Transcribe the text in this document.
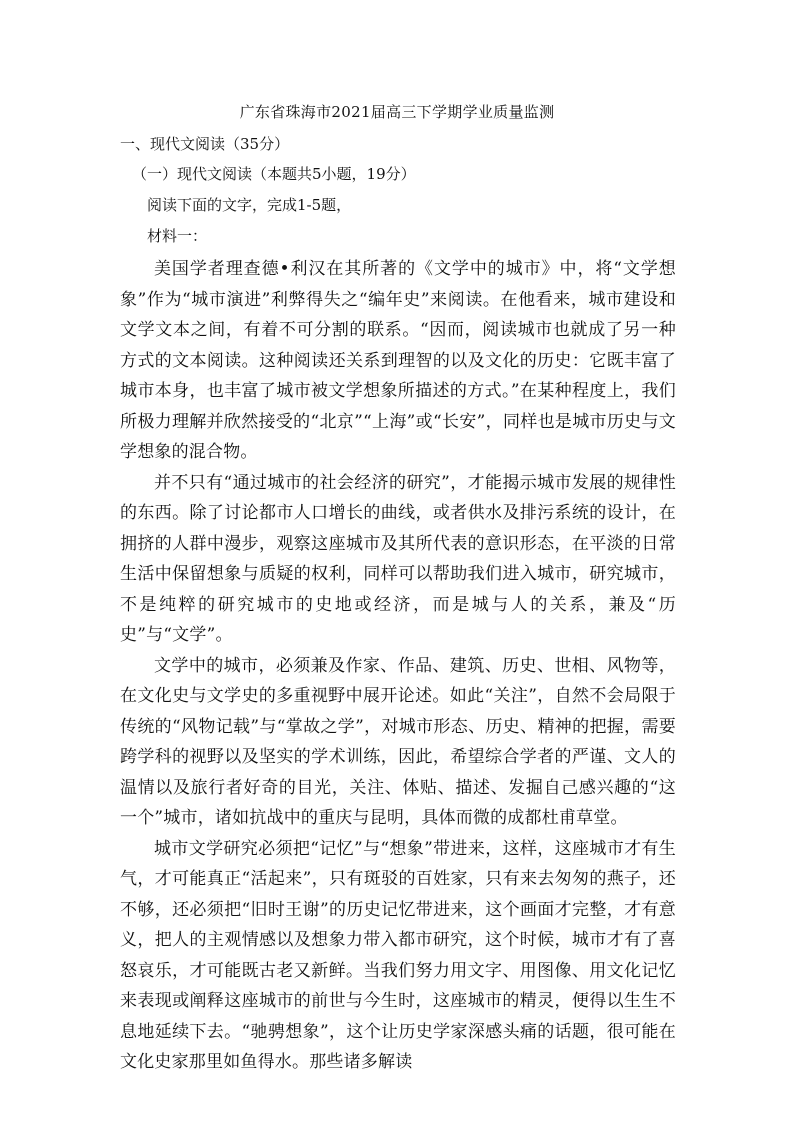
广东省珠海市2021届高三下学期学业质量监测
一、现代文阅读（35分）
（一）现代文阅读（本题共5小题，19分）
阅读下面的文字，完成1-5题，
材料一：

美国学者理查德•利汉在其所著的《文学中的城市》中，将“文学想象”作为“城市演进”利弊得失之“编年史”来阅读。在他看来，城市建设和文学文本之间，有着不可分割的联系。“因而，阅读城市也就成了另一种方式的文本阅读。这种阅读还关系到理智的以及文化的历史：它既丰富了城市本身，也丰富了城市被文学想象所描述的方式。”在某种程度上，我们所极力理解并欣然接受的“北京”“上海”或“长安”，同样也是城市历史与文学想象的混合物。

并不只有“通过城市的社会经济的研究”，才能揭示城市发展的规律性的东西。除了讨论都市人口增长的曲线，或者供水及排污系统的设计，在拥挤的人群中漫步，观察这座城市及其所代表的意识形态，在平淡的日常生活中保留想象与质疑的权利，同样可以帮助我们进入城市，研究城市，不是纯粹的研究城市的史地或经济，而是城与人的关系，兼及“历史”与“文学”。

文学中的城市，必须兼及作家、作品、建筑、历史、世相、风物等，在文化史与文学史的多重视野中展开论述。如此“关注”，自然不会局限于传统的“风物记载”与“掌故之学”，对城市形态、历史、精神的把握，需要跨学科的视野以及坚实的学术训练，因此，希望综合学者的严谨、文人的温情以及旅行者好奇的目光，关注、体贴、描述、发掘自己感兴趣的“这一个”城市，诸如抗战中的重庆与昆明，具体而微的成都杜甫草堂。

城市文学研究必须把“记忆”与“想象”带进来，这样，这座城市才有生气，才可能真正“活起来”，只有斑驳的百姓家，只有来去匆匆的燕子，还不够，还必须把“旧时王谢”的历史记忆带进来，这个画面才完整，才有意义，把人的主观情感以及想象力带入都市研究，这个时候，城市才有了喜怒哀乐，才可能既古老又新鲜。当我们努力用文字、用图像、用文化记忆来表现或阐释这座城市的前世与今生时，这座城市的精灵，便得以生生不息地延续下去。“驰骋想象”，这个让历史学家深感头痛的话题，很可能在文化史家那里如鱼得水。那些诸多解读
